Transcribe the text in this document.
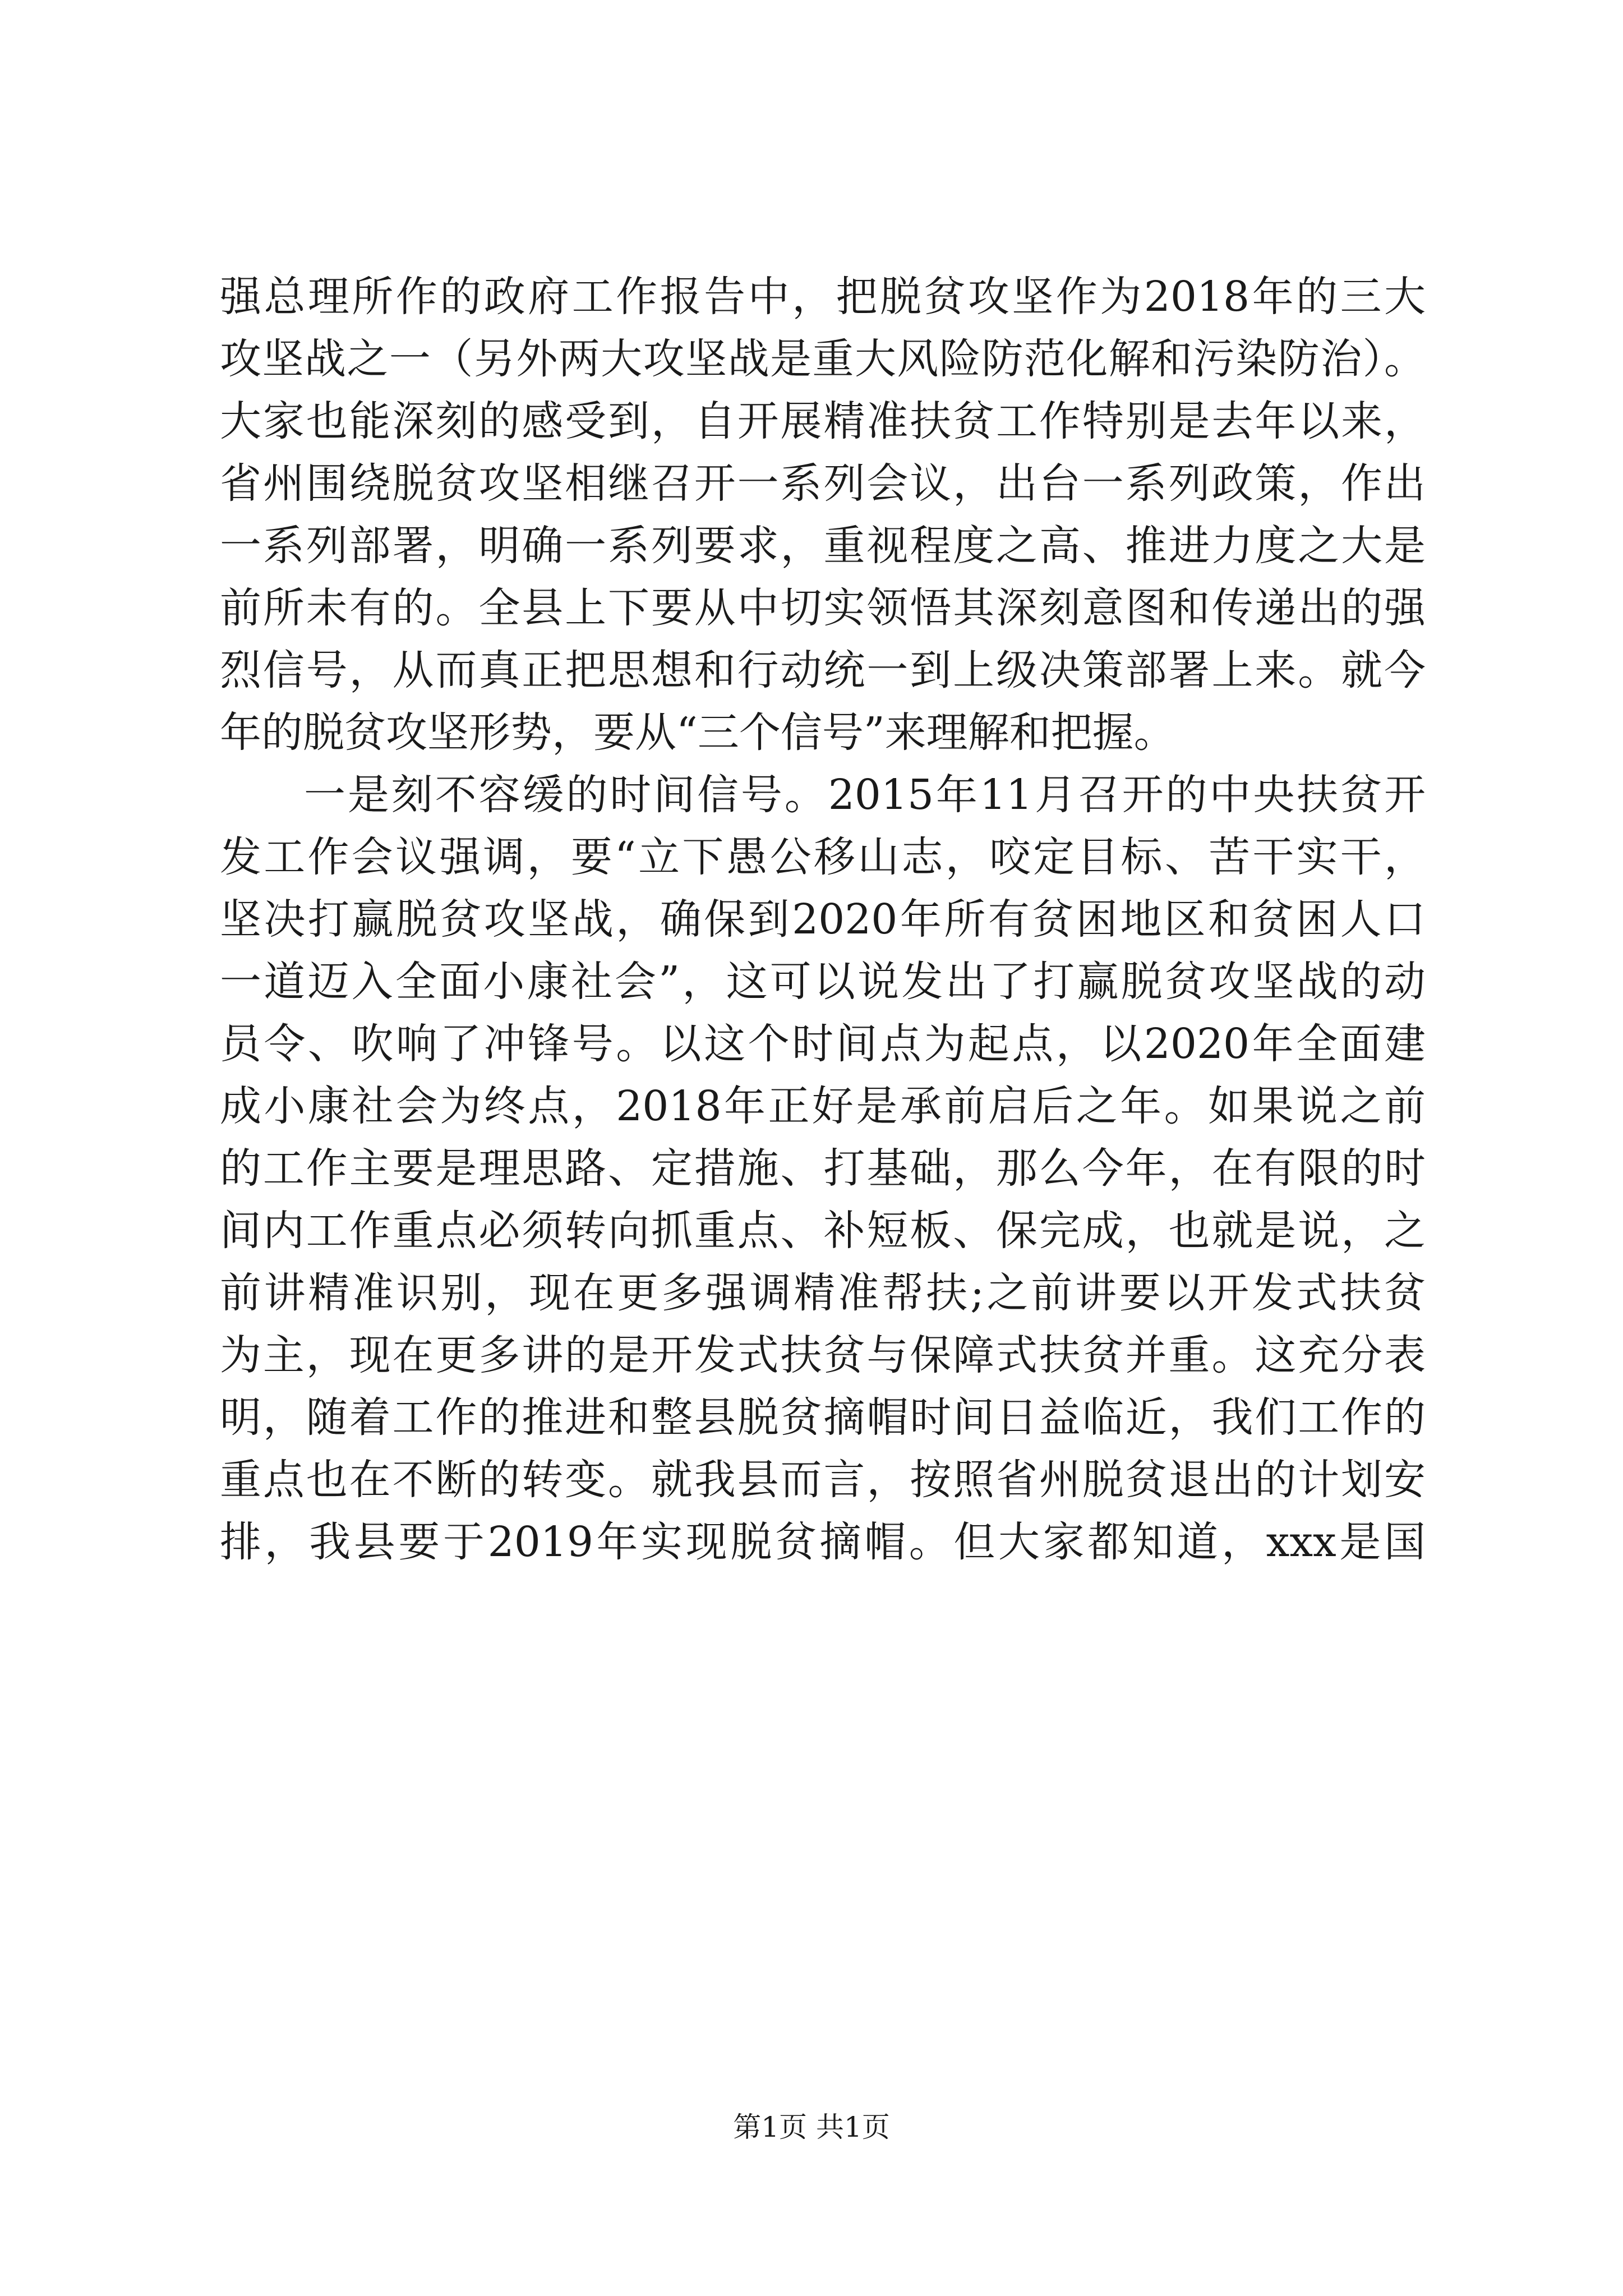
强总理所作的政府工作报告中，把脱贫攻坚作为2018年的三大
攻坚战之一（另外两大攻坚战是重大风险防范化解和污染防治）。
大家也能深刻的感受到，自开展精准扶贫工作特别是去年以来，
省州围绕脱贫攻坚相继召开一系列会议，出台一系列政策，作出
一系列部署，明确一系列要求，重视程度之高、推进力度之大是
前所未有的。全县上下要从中切实领悟其深刻意图和传递出的强
烈信号，从而真正把思想和行动统一到上级决策部署上来。就今
年的脱贫攻坚形势，要从“三个信号”来理解和把握。
一是刻不容缓的时间信号。2015年11月召开的中央扶贫开
发工作会议强调，要“立下愚公移山志，咬定目标、苦干实干，
坚决打赢脱贫攻坚战，确保到2020年所有贫困地区和贫困人口
一道迈入全面小康社会”，这可以说发出了打赢脱贫攻坚战的动
员令、吹响了冲锋号。以这个时间点为起点，以2020年全面建
成小康社会为终点，2018年正好是承前启后之年。如果说之前
的工作主要是理思路、定措施、打基础，那么今年，在有限的时
间内工作重点必须转向抓重点、补短板、保完成，也就是说，之
前讲精准识别，现在更多强调精准帮扶;之前讲要以开发式扶贫
为主，现在更多讲的是开发式扶贫与保障式扶贫并重。这充分表
明，随着工作的推进和整县脱贫摘帽时间日益临近，我们工作的
重点也在不断的转变。就我县而言，按照省州脱贫退出的计划安
排，我县要于2019年实现脱贫摘帽。但大家都知道，xxx是国
第1页 共1页
